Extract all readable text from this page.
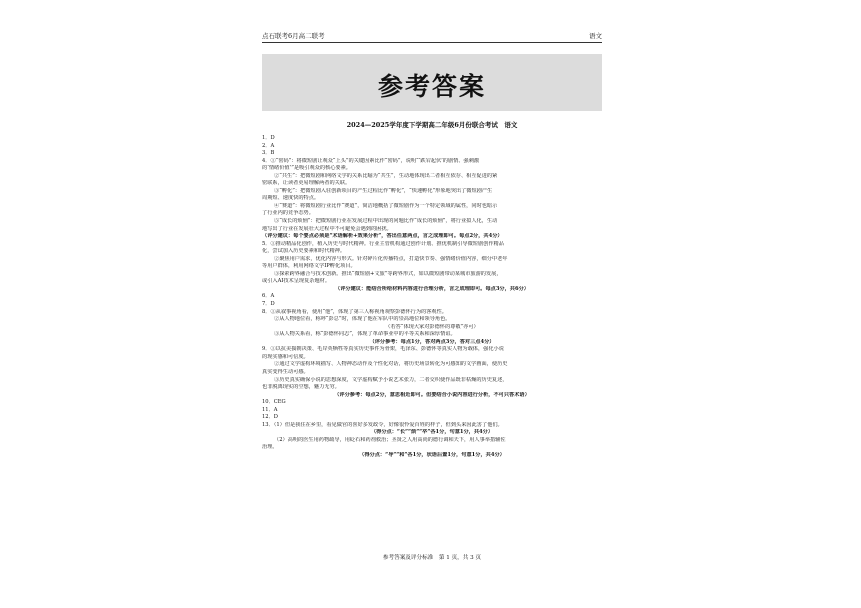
点石联考6月高二联考	语文
参考答案
2024—2025学年度下学期高二年级6月份联合考试　语文
1．D
2．A
3．B
4．①“密码”：将微短剧让观众“上头”的关键因素比作“密码”，说明“‘跌宕起伏’的剧情、强刺激
的‘情绪价值’”是吸引观众的核心要素。
②“共生”：把微短剧和网络文学的关系比喻为“共生”，生动地体现出二者相互依存、相互促进的紧
密联系，让读者更易理解两者的关联。
③“孵化”：把微短剧入驻创新项目的产生过程比作“孵化”，“快速孵化”形象地突出了微短剧产生
周期短、速度快的特点。
④“赛道”：将微短剧行业比作“赛道”，简洁地概括了微短剧作为一个特定领域的属性，同时也暗示
了行业内的竞争态势。
⑤“成长的烦恼”：把微短剧行业在发展过程中出现的问题比作“成长的烦恼”，将行业拟人化，生动
地写出了行业在发展壮大过程中不可避免会遇到的困扰。
（评分建议：每个要点必须是“术语解析+效果分析”，答出任意两点，言之成理即可。每点2分，共4分）
5．①推动精品化创作，植入历史与时代精神。行业主管机构通过创作计划、推优机制引导微短剧创作精品
化，尝试加入历史要素和时代精神。
②聚焦用户需求，优化内容与形式。针对碎片化传播特点，打造快节奏、强情绪价值内容，细分中老年
等用户群体，利用网络文学IP孵化项目。
③探索跨界融合与技术创新。推出“微短剧+文旅”等跨界形式，如以微短剧带动某城市旅游的发展，
或引入AI技术呈现复杂题材。
（评分建议：能结合所给材料内容进行合理分析，言之成理即可。每点3分，共6分）
6．A
7．D
8．①从叙事视角看，使用“他”，体现了第三人称视角观察彭德怀行为的客观性。
②从人物地位看，称呼“彭总”时，体现了他在军队中的崇高地位和领导角色。
（若答“体现大家对彭德怀的尊敬”亦可）
③从人物关系看，称“彭德怀同志”，体现了革命事业中的平等关系和深厚情谊。
（评分参考：每点1分，答对两点3分，答对三点4分）
9．①以抗美援朝决策、毛岸英牺牲等真实历史事件为骨架，毛泽东、彭德怀等真实人物为载体，强化小说
的现实感和可信度。
②通过文学虚构环境描写、人物神态动作及个性化对话，将历史场景转化为可感知的文学画面，使历史
真实变得生动可感。
③历史真实确保小说的思想深度，文学虚构赋予小说艺术张力，二者交织使作品既非枯燥的历史复述，
也非脱离现实的空想，魅力无穷。
（评分参考：每点2分，意思相近即可。但要结合小说内容进行分析，不可只答术语）
10．CEG
11．A
12．D
13．（1）但是我住在乡里，看见做官的喜好多发政令，好像很怜爱百姓的样子，但到头来因此害了他们。
（得分点：“长”“烦”“卒”各1分，句意1分，共4分）
（2）高明的医生用药物疏导，用砭石和药剂救治；圣贤之人用高尚的德行调和天下，用人事举措辅佐
治理。
（得分点：“导”“和”各1分，状语后置1分，句意1分，共4分）
参考答案及评分标准　第 1 页，共 3 页
